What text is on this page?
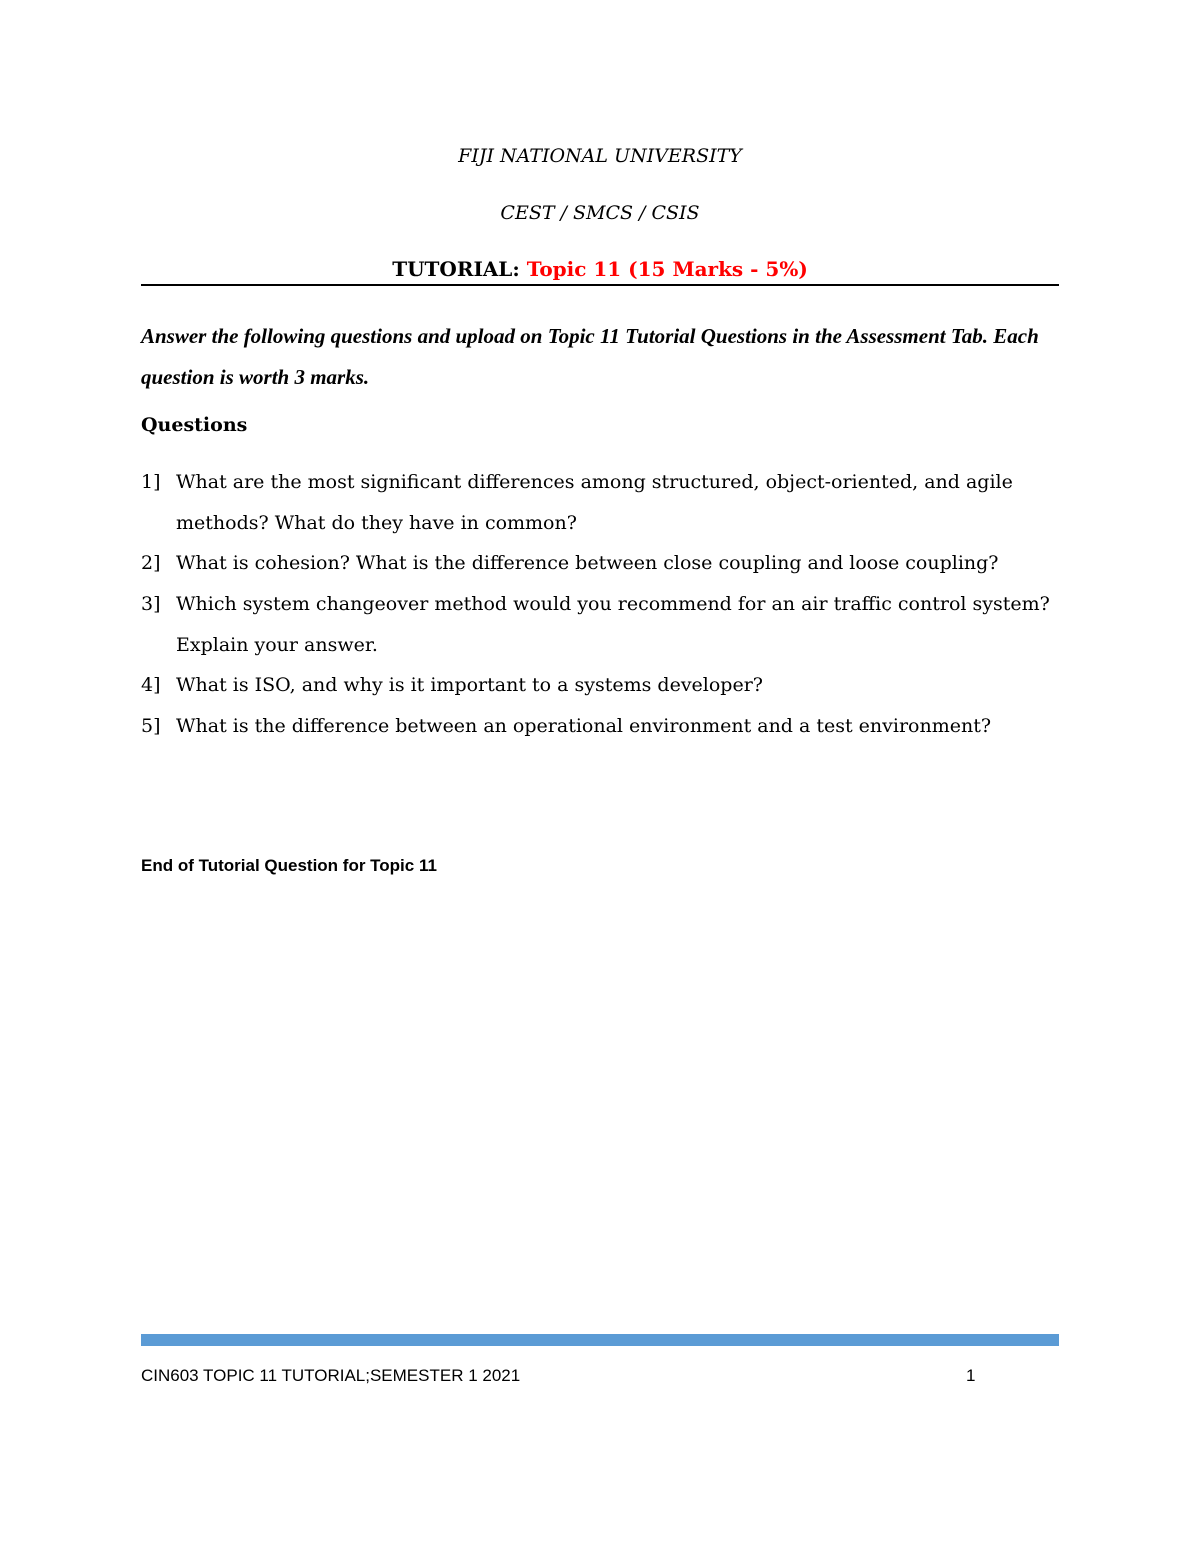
FIJI NATIONAL UNIVERSITY
CEST / SMCS / CSIS
TUTORIAL: Topic 11 (15 Marks - 5%)
Answer the following questions and upload on Topic 11 Tutorial Questions in the Assessment Tab. Each question is worth 3 marks.
Questions
1] What are the most significant differences among structured, object-oriented, and agile methods? What do they have in common?
2] What is cohesion? What is the difference between close coupling and loose coupling?
3] Which system changeover method would you recommend for an air traffic control system? Explain your answer.
4] What is ISO, and why is it important to a systems developer?
5] What is the difference between an operational environment and a test environment?
End of Tutorial Question for Topic 11
CIN603 TOPIC 11 TUTORIAL;SEMESTER 1 2021	1
